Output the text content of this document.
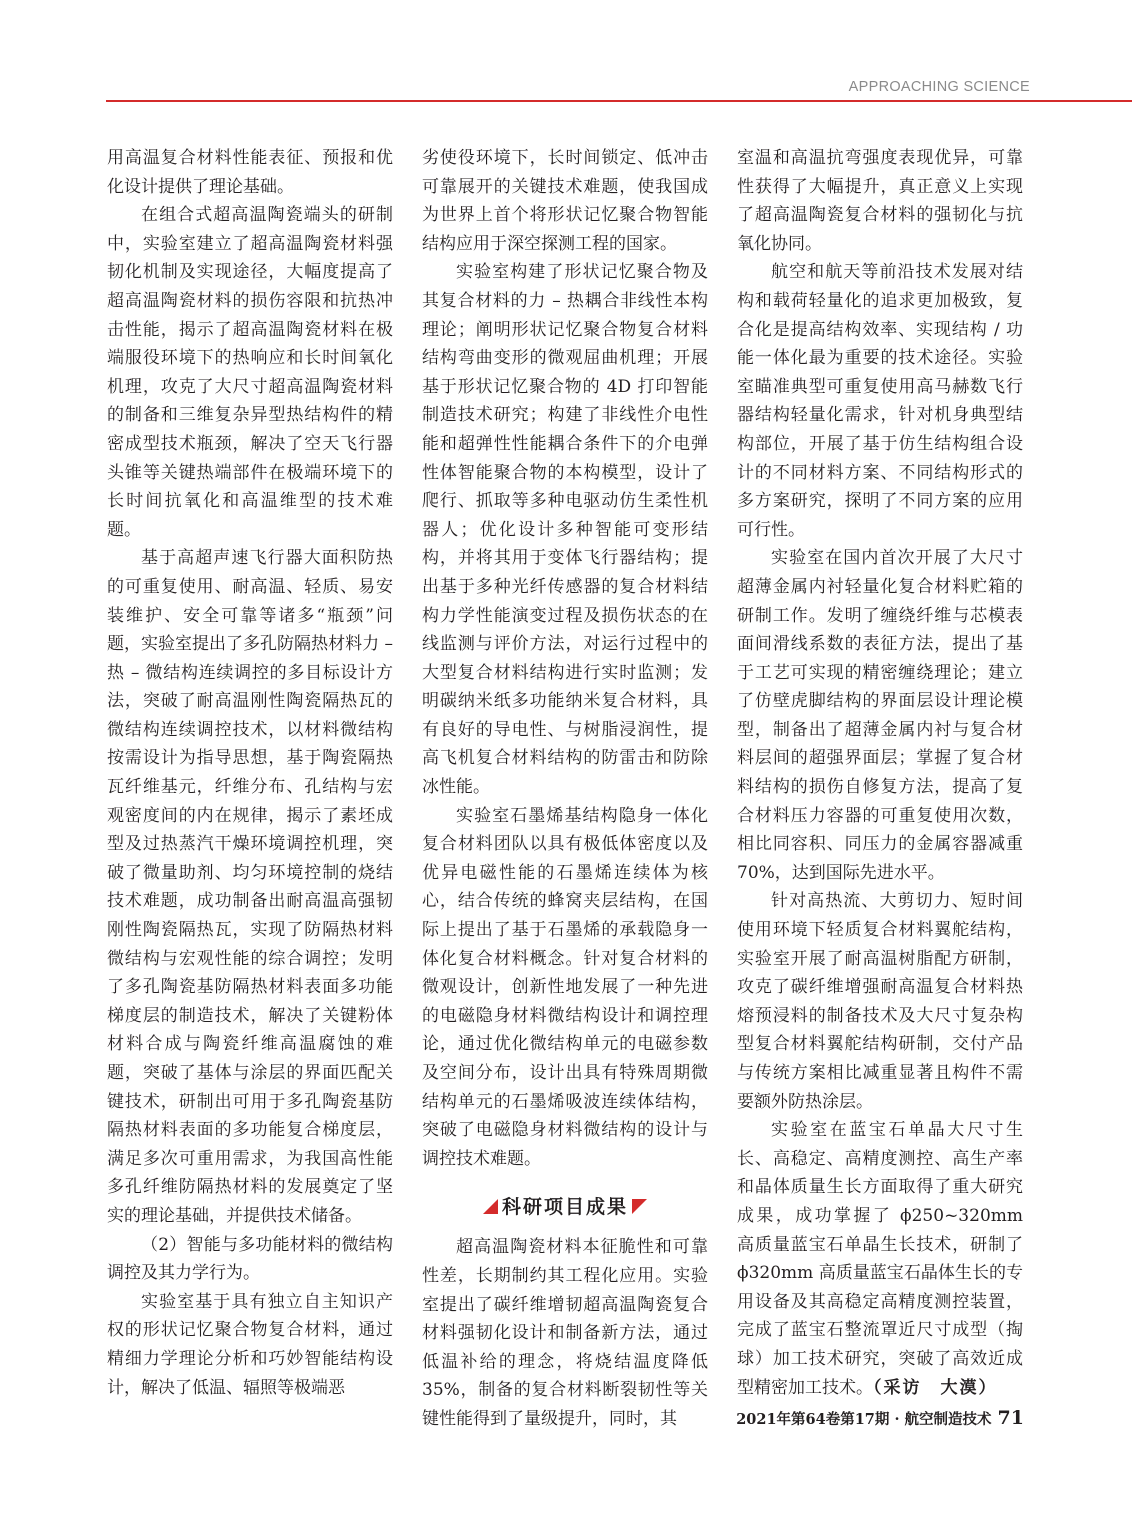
APPROACHING SCIENCE

用高温复合材料性能表征、预报和优化设计提供了理论基础。

在组合式超高温陶瓷端头的研制中，实验室建立了超高温陶瓷材料强韧化机制及实现途径，大幅度提高了超高温陶瓷材料的损伤容限和抗热冲击性能，揭示了超高温陶瓷材料在极端服役环境下的热响应和长时间氧化机理，攻克了大尺寸超高温陶瓷材料的制备和三维复杂异型热结构件的精密成型技术瓶颈，解决了空天飞行器头锥等关键热端部件在极端环境下的长时间抗氧化和高温维型的技术难题。

基于高超声速飞行器大面积防热的可重复使用、耐高温、轻质、易安装维护、安全可靠等诸多“瓶颈”问题，实验室提出了多孔防隔热材料力 – 热 – 微结构连续调控的多目标设计方法，突破了耐高温刚性陶瓷隔热瓦的微结构连续调控技术，以材料微结构按需设计为指导思想，基于陶瓷隔热瓦纤维基元，纤维分布、孔结构与宏观密度间的内在规律，揭示了素坯成型及过热蒸汽干燥环境调控机理，突破了微量助剂、均匀环境控制的烧结技术难题，成功制备出耐高温高强韧刚性陶瓷隔热瓦，实现了防隔热材料微结构与宏观性能的综合调控；发明了多孔陶瓷基防隔热材料表面多功能梯度层的制造技术，解决了关键粉体材料合成与陶瓷纤维高温腐蚀的难题，突破了基体与涂层的界面匹配关键技术，研制出可用于多孔陶瓷基防隔热材料表面的多功能复合梯度层，满足多次可重用需求，为我国高性能多孔纤维防隔热材料的发展奠定了坚实的理论基础，并提供技术储备。

（2）智能与多功能材料的微结构调控及其力学行为。

实验室基于具有独立自主知识产权的形状记忆聚合物复合材料，通过精细力学理论分析和巧妙智能结构设计，解决了低温、辐照等极端恶

劣使役环境下，长时间锁定、低冲击可靠展开的关键技术难题，使我国成为世界上首个将形状记忆聚合物智能结构应用于深空探测工程的国家。

实验室构建了形状记忆聚合物及其复合材料的力 – 热耦合非线性本构理论；阐明形状记忆聚合物复合材料结构弯曲变形的微观屈曲机理；开展基于形状记忆聚合物的 4D 打印智能制造技术研究；构建了非线性介电性能和超弹性性能耦合条件下的介电弹性体智能聚合物的本构模型，设计了爬行、抓取等多种电驱动仿生柔性机器人；优化设计多种智能可变形结构，并将其用于变体飞行器结构；提出基于多种光纤传感器的复合材料结构力学性能演变过程及损伤状态的在线监测与评价方法，对运行过程中的大型复合材料结构进行实时监测；发明碳纳米纸多功能纳米复合材料，具有良好的导电性、与树脂浸润性，提高飞机复合材料结构的防雷击和防除冰性能。

实验室石墨烯基结构隐身一体化复合材料团队以具有极低体密度以及优异电磁性能的石墨烯连续体为核心，结合传统的蜂窝夹层结构，在国际上提出了基于石墨烯的承载隐身一体化复合材料概念。针对复合材料的微观设计，创新性地发展了一种先进的电磁隐身材料微结构设计和调控理论，通过优化微结构单元的电磁参数及空间分布，设计出具有特殊周期微结构单元的石墨烯吸波连续体结构，突破了电磁隐身材料微结构的设计与调控技术难题。

科研项目成果

超高温陶瓷材料本征脆性和可靠性差，长期制约其工程化应用。实验室提出了碳纤维增韧超高温陶瓷复合材料强韧化设计和制备新方法，通过低温补给的理念，将烧结温度降低 35%，制备的复合材料断裂韧性等关键性能得到了量级提升，同时，其

室温和高温抗弯强度表现优异，可靠性获得了大幅提升，真正意义上实现了超高温陶瓷复合材料的强韧化与抗氧化协同。

航空和航天等前沿技术发展对结构和载荷轻量化的追求更加极致，复合化是提高结构效率、实现结构 / 功能一体化最为重要的技术途径。实验室瞄准典型可重复使用高马赫数飞行器结构轻量化需求，针对机身典型结构部位，开展了基于仿生结构组合设计的不同材料方案、不同结构形式的多方案研究，探明了不同方案的应用可行性。

实验室在国内首次开展了大尺寸超薄金属内衬轻量化复合材料贮箱的研制工作。发明了缠绕纤维与芯模表面间滑线系数的表征方法，提出了基于工艺可实现的精密缠绕理论；建立了仿壁虎脚结构的界面层设计理论模型，制备出了超薄金属内衬与复合材料层间的超强界面层；掌握了复合材料结构的损伤自修复方法，提高了复合材料压力容器的可重复使用次数，相比同容积、同压力的金属容器减重 70%，达到国际先进水平。

针对高热流、大剪切力、短时间使用环境下轻质复合材料翼舵结构，实验室开展了耐高温树脂配方研制，攻克了碳纤维增强耐高温复合材料热熔预浸料的制备技术及大尺寸复杂构型复合材料翼舵结构研制，交付产品与传统方案相比减重显著且构件不需要额外防热涂层。

实验室在蓝宝石单晶大尺寸生长、高稳定、高精度测控、高生产率和晶体质量生长方面取得了重大研究成果，成功掌握了 ϕ250~320mm 高质量蓝宝石单晶生长技术，研制了 ϕ320mm 高质量蓝宝石晶体生长的专用设备及其高稳定高精度测控装置，完成了蓝宝石整流罩近尺寸成型（掏球）加工技术研究，突破了高效近成型精密加工技术。（采访　大漠）

2021年第64卷第17期 · 航空制造技术 71
